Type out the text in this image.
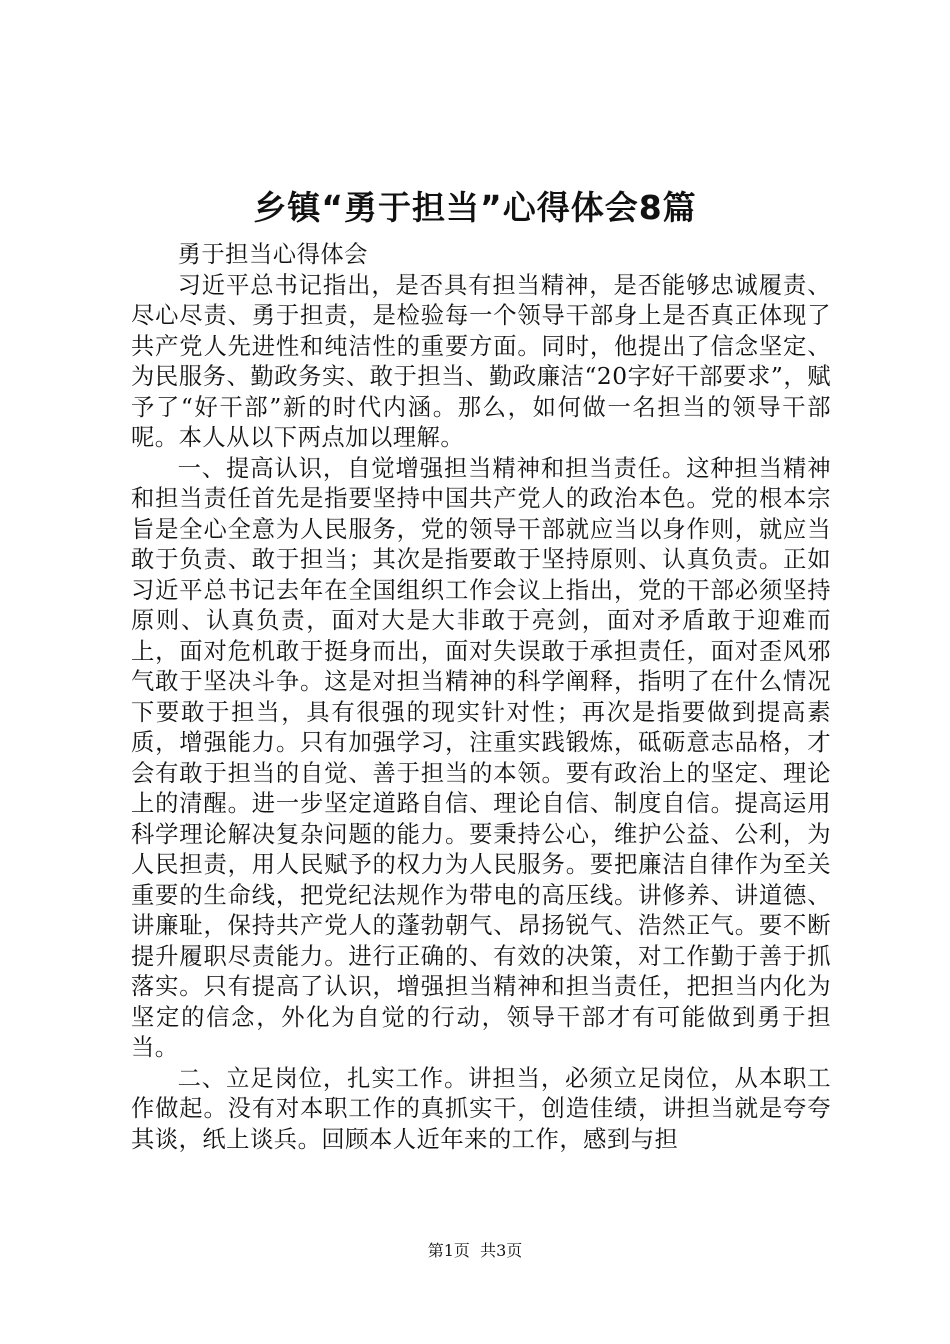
乡镇“勇于担当”心得体会8篇

勇于担当心得体会

习近平总书记指出，是否具有担当精神，是否能够忠诚履责、尽心尽责、勇于担责，是检验每一个领导干部身上是否真正体现了共产党人先进性和纯洁性的重要方面。同时，他提出了信念坚定、为民服务、勤政务实、敢于担当、勤政廉洁“20字好干部要求”，赋予了“好干部”新的时代内涵。那么，如何做一名担当的领导干部呢。本人从以下两点加以理解。

一、提高认识，自觉增强担当精神和担当责任。这种担当精神和担当责任首先是指要坚持中国共产党人的政治本色。党的根本宗旨是全心全意为人民服务，党的领导干部就应当以身作则，就应当敢于负责、敢于担当；其次是指要敢于坚持原则、认真负责。正如习近平总书记去年在全国组织工作会议上指出，党的干部必须坚持原则、认真负责，面对大是大非敢于亮剑，面对矛盾敢于迎难而上，面对危机敢于挺身而出，面对失误敢于承担责任，面对歪风邪气敢于坚决斗争。这是对担当精神的科学阐释，指明了在什么情况下要敢于担当，具有很强的现实针对性；再次是指要做到提高素质，增强能力。只有加强学习，注重实践锻炼，砥砺意志品格，才会有敢于担当的自觉、善于担当的本领。要有政治上的坚定、理论上的清醒。进一步坚定道路自信、理论自信、制度自信。提高运用科学理论解决复杂问题的能力。要秉持公心，维护公益、公利，为人民担责，用人民赋予的权力为人民服务。要把廉洁自律作为至关重要的生命线，把党纪法规作为带电的高压线。讲修养、讲道德、讲廉耻，保持共产党人的蓬勃朝气、昂扬锐气、浩然正气。要不断提升履职尽责能力。进行正确的、有效的决策，对工作勤于善于抓落实。只有提高了认识，增强担当精神和担当责任，把担当内化为坚定的信念，外化为自觉的行动，领导干部才有可能做到勇于担当。

二、立足岗位，扎实工作。讲担当，必须立足岗位，从本职工作做起。没有对本职工作的真抓实干，创造佳绩，讲担当就是夸夸其谈，纸上谈兵。回顾本人近年来的工作，感到与担

第1页 共3页
